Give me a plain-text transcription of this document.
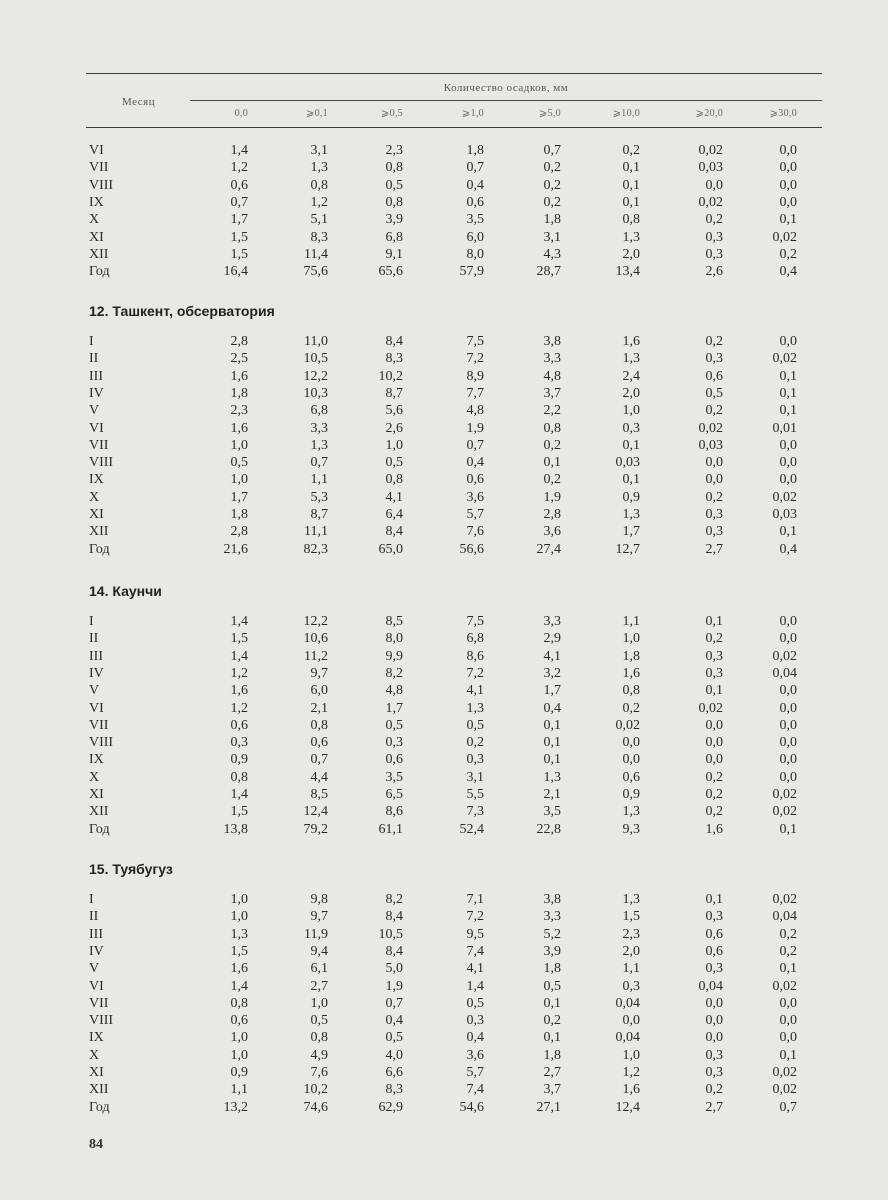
Количество осадков, мм
Месяц
0,0	⩾0,1	⩾0,5	⩾1,0	⩾5,0	⩾10,0	⩾20,0	⩾30,0
VI	1,4	3,1	2,3	1,8	0,7	0,2	0,02	0,0
VII	1,2	1,3	0,8	0,7	0,2	0,1	0,03	0,0
VIII	0,6	0,8	0,5	0,4	0,2	0,1	0,0	0,0
IX	0,7	1,2	0,8	0,6	0,2	0,1	0,02	0,0
X	1,7	5,1	3,9	3,5	1,8	0,8	0,2	0,1
XI	1,5	8,3	6,8	6,0	3,1	1,3	0,3	0,02
XII	1,5	11,4	9,1	8,0	4,3	2,0	0,3	0,2
Год	16,4	75,6	65,6	57,9	28,7	13,4	2,6	0,4
12. Ташкент, обсерватория
I	2,8	11,0	8,4	7,5	3,8	1,6	0,2	0,0
II	2,5	10,5	8,3	7,2	3,3	1,3	0,3	0,02
III	1,6	12,2	10,2	8,9	4,8	2,4	0,6	0,1
IV	1,8	10,3	8,7	7,7	3,7	2,0	0,5	0,1
V	2,3	6,8	5,6	4,8	2,2	1,0	0,2	0,1
VI	1,6	3,3	2,6	1,9	0,8	0,3	0,02	0,01
VII	1,0	1,3	1,0	0,7	0,2	0,1	0,03	0,0
VIII	0,5	0,7	0,5	0,4	0,1	0,03	0,0	0,0
IX	1,0	1,1	0,8	0,6	0,2	0,1	0,0	0,0
X	1,7	5,3	4,1	3,6	1,9	0,9	0,2	0,02
XI	1,8	8,7	6,4	5,7	2,8	1,3	0,3	0,03
XII	2,8	11,1	8,4	7,6	3,6	1,7	0,3	0,1
Год	21,6	82,3	65,0	56,6	27,4	12,7	2,7	0,4
14. Каунчи
I	1,4	12,2	8,5	7,5	3,3	1,1	0,1	0,0
II	1,5	10,6	8,0	6,8	2,9	1,0	0,2	0,0
III	1,4	11,2	9,9	8,6	4,1	1,8	0,3	0,02
IV	1,2	9,7	8,2	7,2	3,2	1,6	0,3	0,04
V	1,6	6,0	4,8	4,1	1,7	0,8	0,1	0,0
VI	1,2	2,1	1,7	1,3	0,4	0,2	0,02	0,0
VII	0,6	0,8	0,5	0,5	0,1	0,02	0,0	0,0
VIII	0,3	0,6	0,3	0,2	0,1	0,0	0,0	0,0
IX	0,9	0,7	0,6	0,3	0,1	0,0	0,0	0,0
X	0,8	4,4	3,5	3,1	1,3	0,6	0,2	0,0
XI	1,4	8,5	6,5	5,5	2,1	0,9	0,2	0,02
XII	1,5	12,4	8,6	7,3	3,5	1,3	0,2	0,02
Год	13,8	79,2	61,1	52,4	22,8	9,3	1,6	0,1
15. Туябугуз
I	1,0	9,8	8,2	7,1	3,8	1,3	0,1	0,02
II	1,0	9,7	8,4	7,2	3,3	1,5	0,3	0,04
III	1,3	11,9	10,5	9,5	5,2	2,3	0,6	0,2
IV	1,5	9,4	8,4	7,4	3,9	2,0	0,6	0,2
V	1,6	6,1	5,0	4,1	1,8	1,1	0,3	0,1
VI	1,4	2,7	1,9	1,4	0,5	0,3	0,04	0,02
VII	0,8	1,0	0,7	0,5	0,1	0,04	0,0	0,0
VIII	0,6	0,5	0,4	0,3	0,2	0,0	0,0	0,0
IX	1,0	0,8	0,5	0,4	0,1	0,04	0,0	0,0
X	1,0	4,9	4,0	3,6	1,8	1,0	0,3	0,1
XI	0,9	7,6	6,6	5,7	2,7	1,2	0,3	0,02
XII	1,1	10,2	8,3	7,4	3,7	1,6	0,2	0,02
Год	13,2	74,6	62,9	54,6	27,1	12,4	2,7	0,7
84
